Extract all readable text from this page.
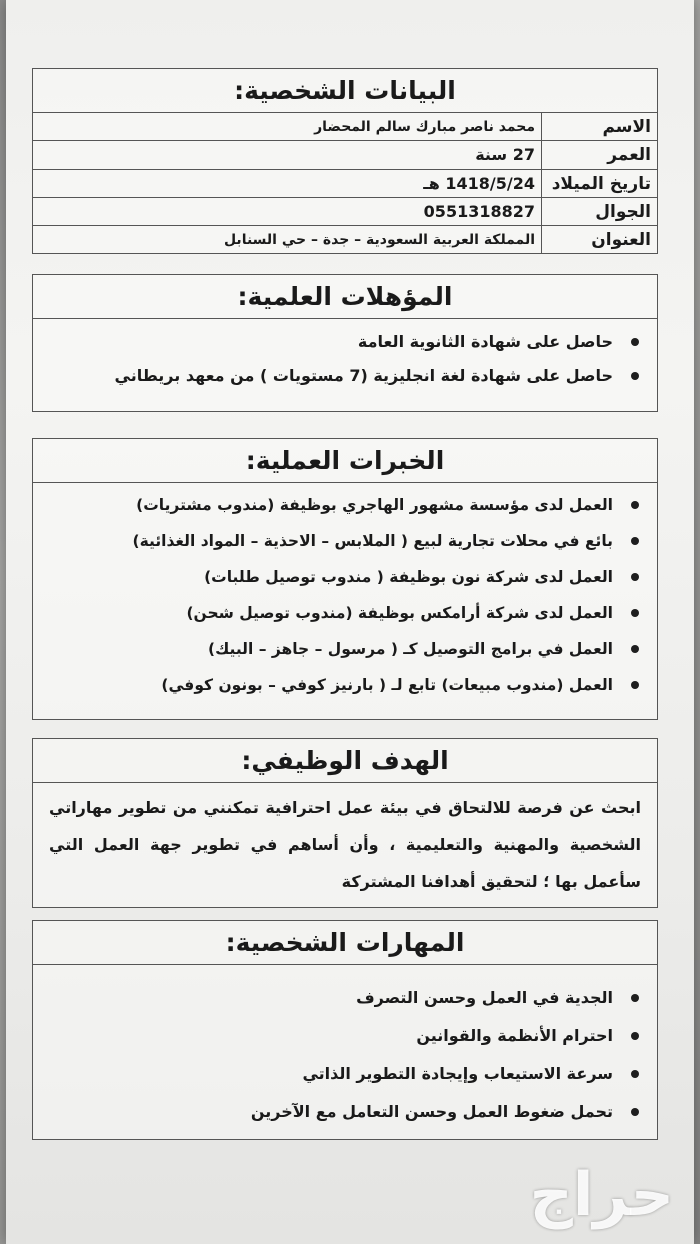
البيانات الشخصية:
الاسم
محمد ناصر مبارك سالم المحضار
العمر
27 سنة
تاريخ الميلاد
1418/5/24 هـ
الجوال
0551318827
العنوان
المملكة العربية السعودية – جدة – حي السنابل
المؤهلات العلمية:
حاصل على شهادة الثانوية العامة
حاصل على شهادة لغة انجليزية (7 مستويات ) من معهد بريطاني
الخبرات العملية:
العمل لدى مؤسسة مشهور الهاجري بوظيفة (مندوب مشتريات)
بائع في محلات تجارية لبيع ( الملابس – الاحذية – المواد الغذائية)
العمل لدى شركة نون بوظيفة ( مندوب توصيل طلبات)
العمل لدى شركة أرامكس بوظيفة (مندوب توصيل شحن)
العمل في برامج التوصيل كـ ( مرسول – جاهز – البيك)
العمل (مندوب مبيعات) تابع لـ ( بارنيز كوفي – بونون كوفي)
الهدف الوظيفي:
ابحث عن فرصة للالتحاق في بيئة عمل احترافية تمكنني من تطوير مهاراتي الشخصية والمهنية والتعليمية ، وأن أساهم في تطوير جهة العمل التي سأعمل بها ؛ لتحقيق أهدافنا المشتركة
المهارات الشخصية:
الجدية في العمل وحسن التصرف
احترام الأنظمة والقوانين
سرعة الاستيعاب وإيجادة التطوير الذاتي
تحمل ضغوط العمل وحسن التعامل مع الآخرين
حراج
